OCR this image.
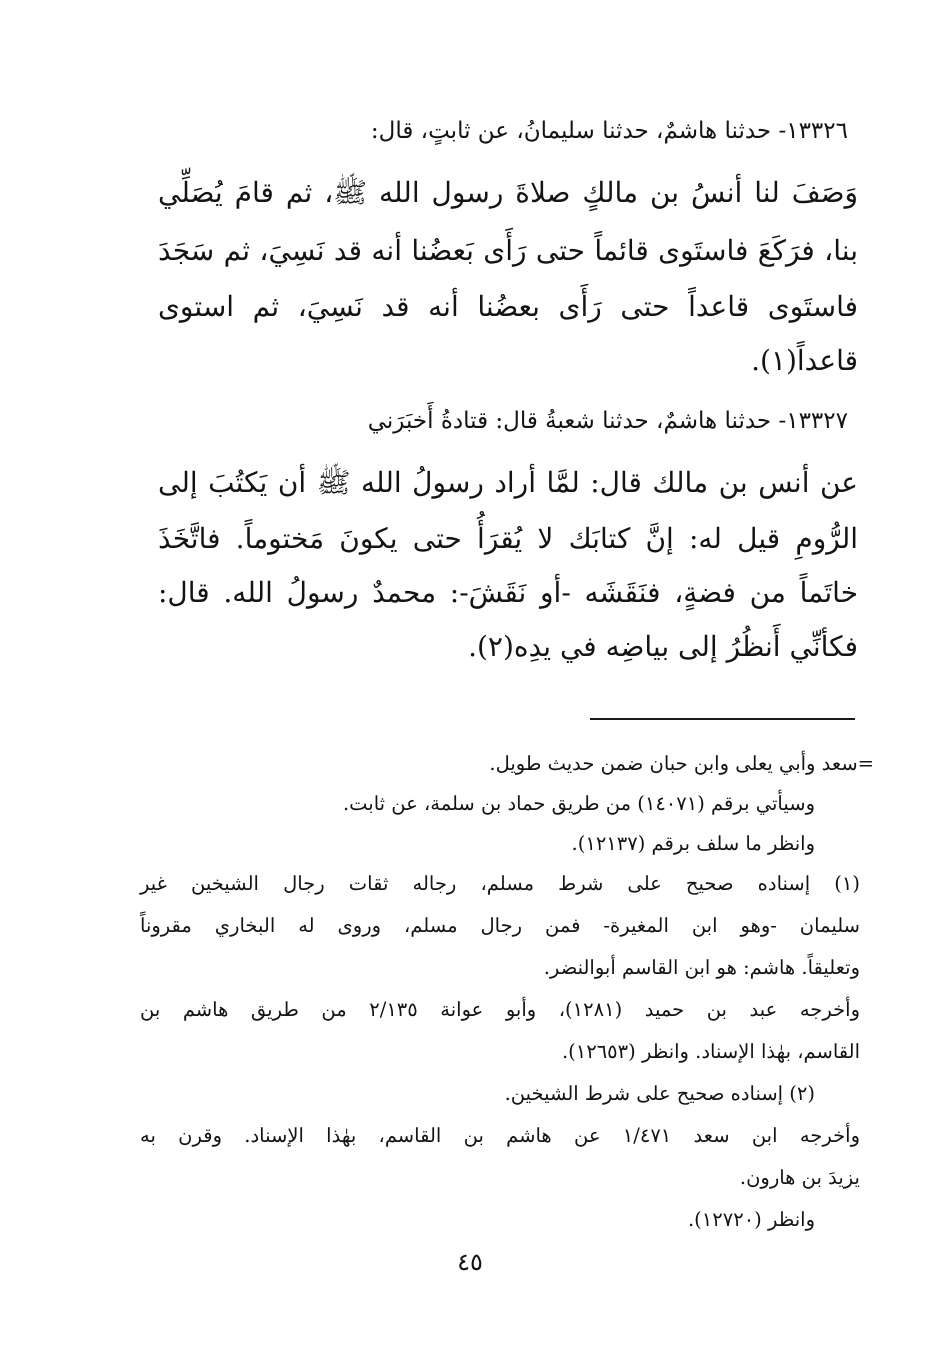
١٣٣٢٦- حدثنا هاشمٌ، حدثنا سليمانُ، عن ثابتٍ، قال:
وَصَفَ لنا أنسُ بن مالكٍ صلاةَ رسول الله ﷺ، ثم قامَ يُصَلِّي
بنا، فرَكَعَ فاستَوى قائماً حتى رَأَى بَعضُنا أنه قد نَسِيَ، ثم سَجَدَ
فاستَوى قاعداً حتى رَأَى بعضُنا أنه قد نَسِيَ، ثم استوى
قاعداً(١).
١٣٣٢٧- حدثنا هاشمٌ، حدثنا شعبةُ قال: قتادةُ أَخبَرَني
عن أنس بن مالك قال: لمَّا أراد رسولُ الله ﷺ أن يَكتُبَ إلى
الرُّومِ قيل له: إنَّ كتابَك لا يُقرَأُ حتى يكونَ مَختوماً. فاتَّخَذَ
خاتَماً من فضةٍ، فنَقَشَه -أو نَقَشَ-: محمدٌ رسولُ الله. قال:
فكأنِّي أَنظُرُ إلى بياضِه في يدِه(٢).
=سعد وأبي يعلى وابن حبان ضمن حديث طويل.
وسيأتي برقم (١٤٠٧١) من طريق حماد بن سلمة، عن ثابت.
وانظر ما سلف برقم (١٢١٣٧).
(١) إسناده صحيح على شرط مسلم، رجاله ثقات رجال الشيخين غير
سليمان -وهو ابن المغيرة- فمن رجال مسلم، وروى له البخاري مقروناً
وتعليقاً. هاشم: هو ابن القاسم أبوالنضر.
وأخرجه عبد بن حميد (١٢٨١)، وأبو عوانة ٢/١٣٥ من طريق هاشم بن
القاسم، بهٰذا الإسناد. وانظر (١٢٦٥٣).
(٢) إسناده صحيح على شرط الشيخين.
وأخرجه ابن سعد ١/٤٧١ عن هاشم بن القاسم، بهٰذا الإسناد. وقرن به
يزيدَ بن هارون.
وانظر (١٢٧٢٠).
٤٥
